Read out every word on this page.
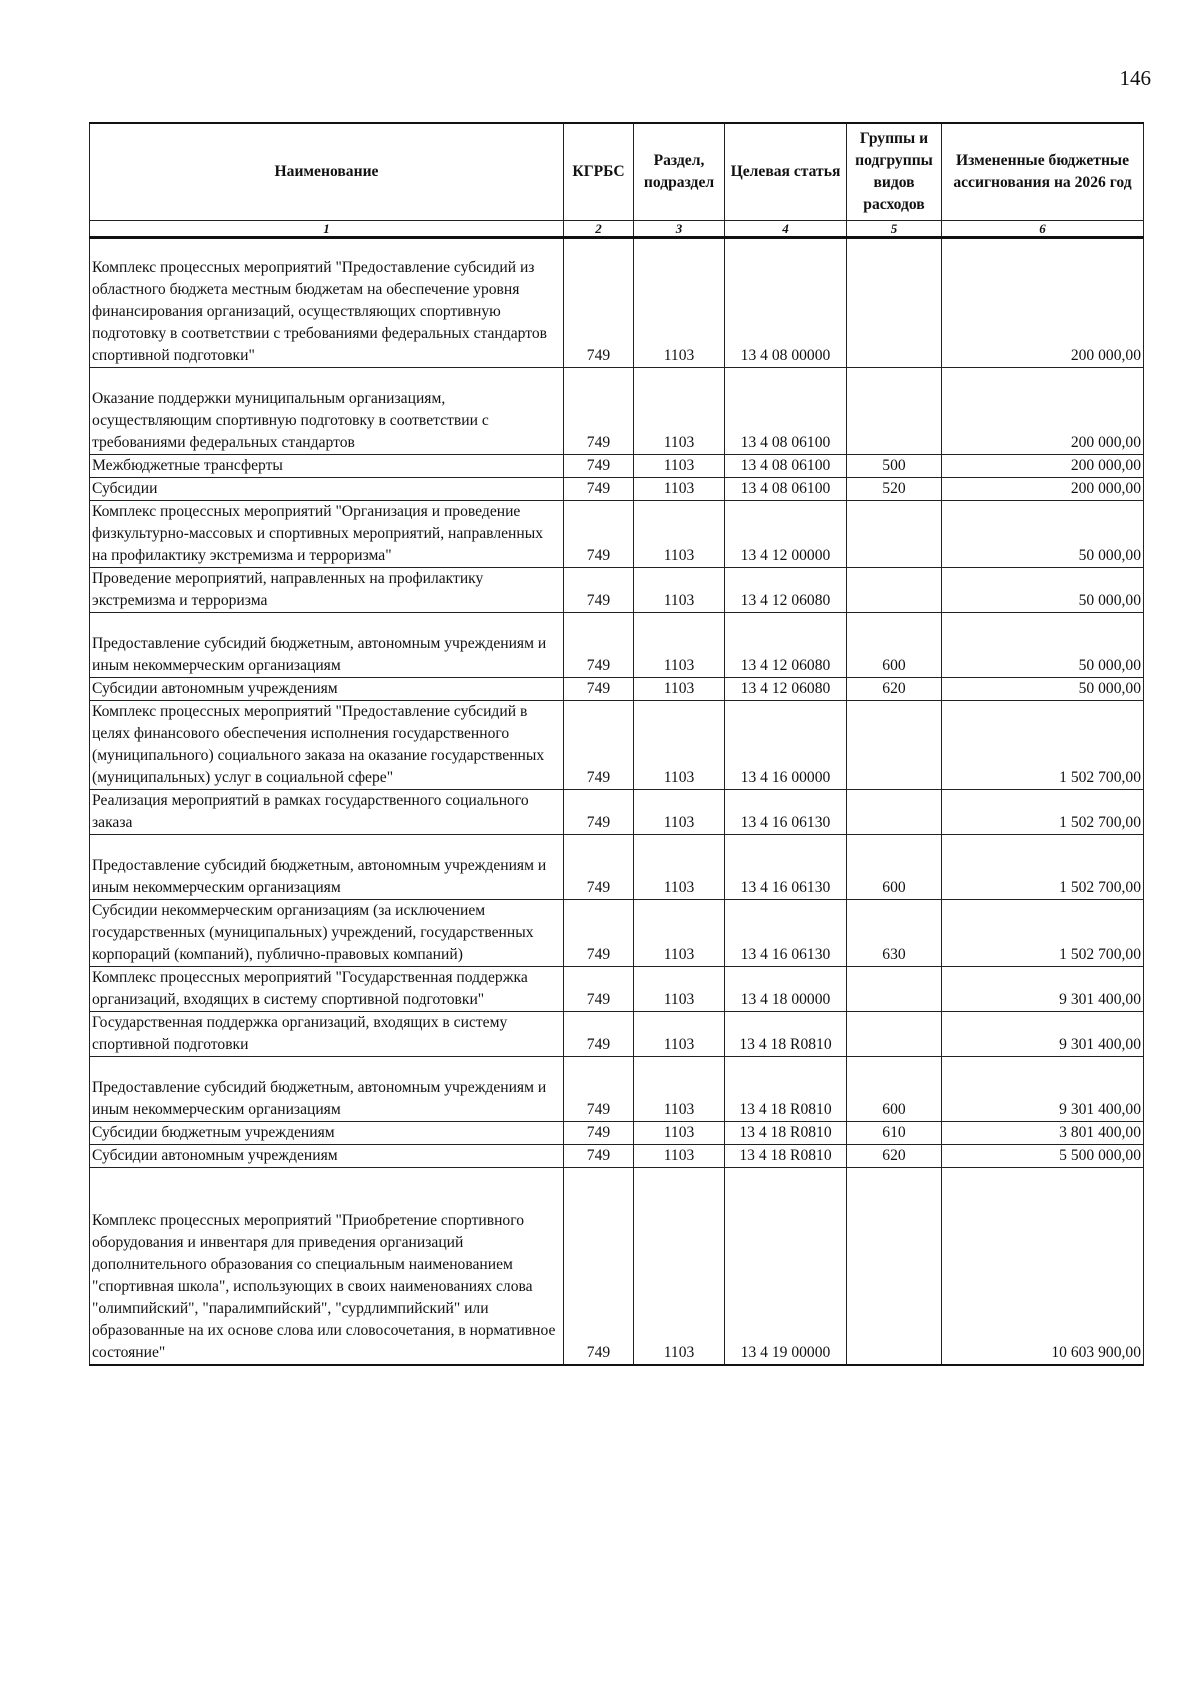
146
Наименование	КГРБС	Раздел, подраздел	Целевая статья	Группы и подгруппы видов расходов	Измененные бюджетные ассигнования на 2026 год
1	2	3	4	5	6

Комплекс процессных мероприятий "Предоставление субсидий из областного бюджета местным бюджетам на обеспечение уровня финансирования организаций, осуществляющих спортивную подготовку в соответствии с требованиями федеральных стандартов спортивной подготовки"	749	1103	13 4 08 00000		200 000,00

Оказание поддержки муниципальным организациям, осуществляющим спортивную подготовку в соответствии с требованиями федеральных стандартов	749	1103	13 4 08 06100		200 000,00
Межбюджетные трансферты	749	1103	13 4 08 06100	500	200 000,00
Субсидии	749	1103	13 4 08 06100	520	200 000,00
Комплекс процессных мероприятий "Организация и проведение физкультурно-массовых и спортивных мероприятий, направленных на профилактику экстремизма и терроризма"	749	1103	13 4 12 00000		50 000,00
Проведение мероприятий, направленных на профилактику экстремизма и терроризма	749	1103	13 4 12 06080		50 000,00

Предоставление субсидий бюджетным, автономным учреждениям и иным некоммерческим организациям	749	1103	13 4 12 06080	600	50 000,00
Субсидии автономным учреждениям	749	1103	13 4 12 06080	620	50 000,00
Комплекс процессных мероприятий "Предоставление субсидий в целях финансового обеспечения исполнения государственного (муниципального) социального заказа на оказание государственных (муниципальных) услуг в социальной сфере"	749	1103	13 4 16 00000		1 502 700,00
Реализация мероприятий в рамках государственного социального заказа	749	1103	13 4 16 06130		1 502 700,00

Предоставление субсидий бюджетным, автономным учреждениям и иным некоммерческим организациям	749	1103	13 4 16 06130	600	1 502 700,00
Субсидии некоммерческим организациям (за исключением государственных (муниципальных) учреждений, государственных корпораций (компаний), публично-правовых компаний)	749	1103	13 4 16 06130	630	1 502 700,00
Комплекс процессных мероприятий "Государственная поддержка организаций, входящих в систему спортивной подготовки"	749	1103	13 4 18 00000		9 301 400,00
Государственная поддержка организаций, входящих в систему спортивной подготовки	749	1103	13 4 18 R0810		9 301 400,00

Предоставление субсидий бюджетным, автономным учреждениям и иным некоммерческим организациям	749	1103	13 4 18 R0810	600	9 301 400,00
Субсидии бюджетным учреждениям	749	1103	13 4 18 R0810	610	3 801 400,00
Субсидии автономным учреждениям	749	1103	13 4 18 R0810	620	5 500 000,00

Комплекс процессных мероприятий "Приобретение спортивного оборудования и инвентаря для приведения организаций дополнительного образования со специальным наименованием "спортивная школа", использующих в своих наименованиях слова "олимпийский", "паралимпийский", "сурдлимпийский" или образованные на их основе слова или словосочетания, в нормативное состояние"	749	1103	13 4 19 00000		10 603 900,00
